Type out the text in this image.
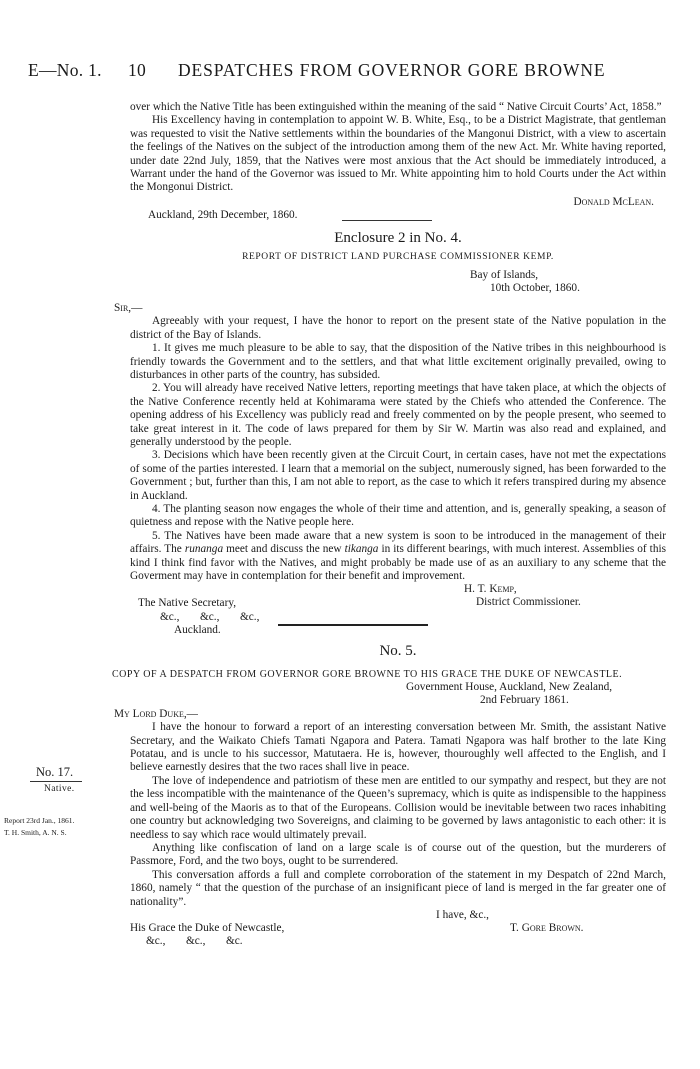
E—No. 1. 10 DESPATCHES FROM GOVERNOR GORE BROWNE
No. 17.
Native.
Report 23rd Jan., 1861.
T. H. Smith, A. N. S.

over which the Native Title has been extinguished within the meaning of the said “ Native Circuit Courts’ Act, 1858.”

His Excellency having in contemplation to appoint W. B. White, Esq., to be a District Magistrate, that gentleman was requested to visit the Native settlements within the boundaries of the Mangonui District, with a view to ascertain the feelings of the Natives on the subject of the introduction among them of the new Act. Mr. White having reported, under date 22nd July, 1859, that the Natives were most anxious that the Act should be immediately introduced, a Warrant under the hand of the Governor was issued to Mr. White appointing him to hold Courts under the Act within the Mongonui District.

Donald McLean.

Auckland, 29th December, 1860.

Enclosure 2 in No. 4.
REPORT OF DISTRICT LAND PURCHASE COMMISSIONER KEMP.

Bay of Islands,

10th October, 1860.

Sir,—

Agreeably with your request, I have the honor to report on the present state of the Native population in the district of the Bay of Islands.

1. It gives me much pleasure to be able to say, that the disposition of the Native tribes in this neighbourhood is friendly towards the Government and to the settlers, and that what little excitement originally prevailed, owing to disturbances in other parts of the country, has subsided.

2. You will already have received Native letters, reporting meetings that have taken place, at which the objects of the Native Conference recently held at Kohimarama were stated by the Chiefs who attended the Conference. The opening address of his Excellency was publicly read and freely commented on by the people present, who seemed to take great interest in it. The code of laws prepared for them by Sir W. Martin was also read and explained, and generally understood by the people.

3. Decisions which have been recently given at the Circuit Court, in certain cases, have not met the expectations of some of the parties interested. I learn that a memorial on the subject, numerously signed, has been forwarded to the Government ; but, further than this, I am not able to report, as the case to which it refers transpired during my absence in Auckland.

4. The planting season now engages the whole of their time and attention, and is, generally speaking, a season of quietness and repose with the Native people here.

5. The Natives have been made aware that a new system is soon to be introduced in the management of their affairs. The runanga meet and discuss the new tikanga in its different bearings, with much interest. Assemblies of this kind I think find favor with the Natives, and might probably be made use of as an auxiliary to any scheme that the Goverment may have in contemplation for their benefit and improvement.

H. T. Kemp,
District Commissioner.

The Native Secretary,

&c., &c., &c.,

Auckland.

No. 5.

COPY OF A DESPATCH FROM GOVERNOR GORE BROWNE TO HIS GRACE THE DUKE OF NEWCASTLE.

Government House, Auckland, New Zealand,

2nd February 1861.

My Lord Duke,—

I have the honour to forward a report of an interesting conversation between Mr. Smith, the assistant Native Secretary, and the Waikato Chiefs Tamati Ngapora and Patera. Tamati Ngapora was half brother to the late King Potatau, and is uncle to his successor, Matutaera. He is, however, thouroughly well affected to the English, and I believe earnestly desires that the two races shall live in peace.

The love of independence and patriotism of these men are entitled to our sympathy and respect, but they are not the less incompatible with the maintenance of the Queen’s supremacy, which is quite as indispensible to the happiness and well-being of the Maoris as to that of the Europeans. Collision would be inevitable between two races inhabiting one country but acknowledging two Sovereigns, and claiming to be governed by laws antagonistic to each other: it is needless to say which race would ultimately prevail.

Anything like confiscation of land on a large scale is of course out of the question, but the murderers of Passmore, Ford, and the two boys, ought to be surrendered.

This conversation affords a full and complete corroboration of the statement in my Despatch of 22nd March, 1860, namely “ that the question of the purchase of an insignificant piece of land is merged in the far greater one of nationality”.

I have, &c.,

His Grace the Duke of Newcastle,	T. Gore Brown.

&c., &c., &c.
